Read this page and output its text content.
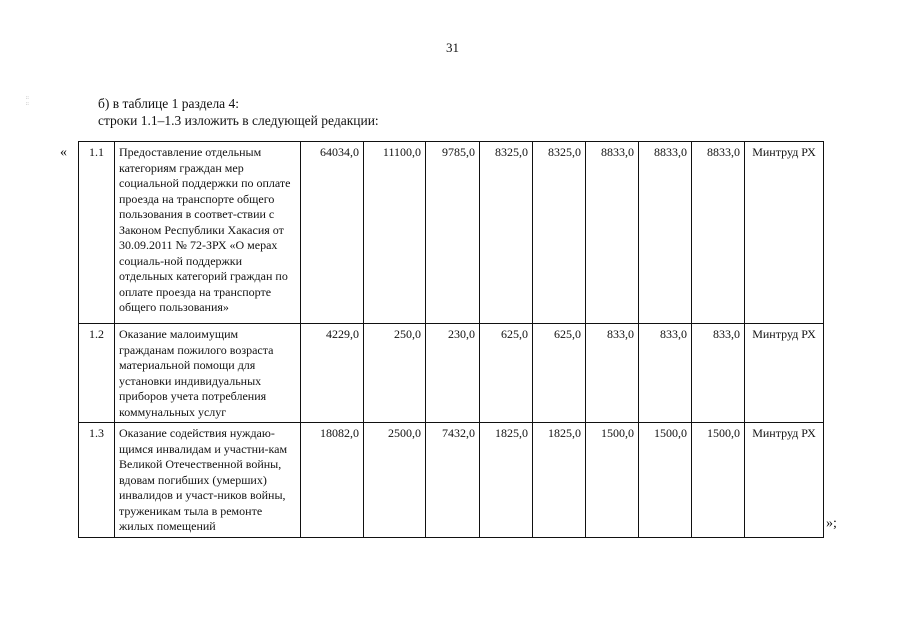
31
:: ::	б) в таблице 1 раздела 4:
строки 1.1–1.3 изложить в следующей редакции:
« 1.1	Предоставление отдельным категориям граждан мер социальной поддержки по оплате проезда на транспорте общего пользования в соответ-ствии с Законом Республики Хакасия от 30.09.2011 № 72-ЗРХ «О мерах социаль-ной поддержки отдельных категорий граждан по оплате проезда на транспорте общего пользования»	64034,0	11100,0	9785,0	8325,0	8325,0	8833,0	8833,0	8833,0	Минтруд РХ
1.2	Оказание малоимущим гражданам пожилого возраста материальной помощи для установки индивидуальных приборов учета потребления коммунальных услуг	4229,0	250,0	230,0	625,0	625,0	833,0	833,0	833,0	Минтруд РХ
1.3	Оказание содействия нуждаю-щимся инвалидам и участни-кам Великой Отечественной войны, вдовам погибших (умерших) инвалидов и участ-ников войны, труженикам тыла в ремонте жилых помещений	18082,0	2500,0	7432,0	1825,0	1825,0	1500,0	1500,0	1500,0	Минтруд РХ
»;
